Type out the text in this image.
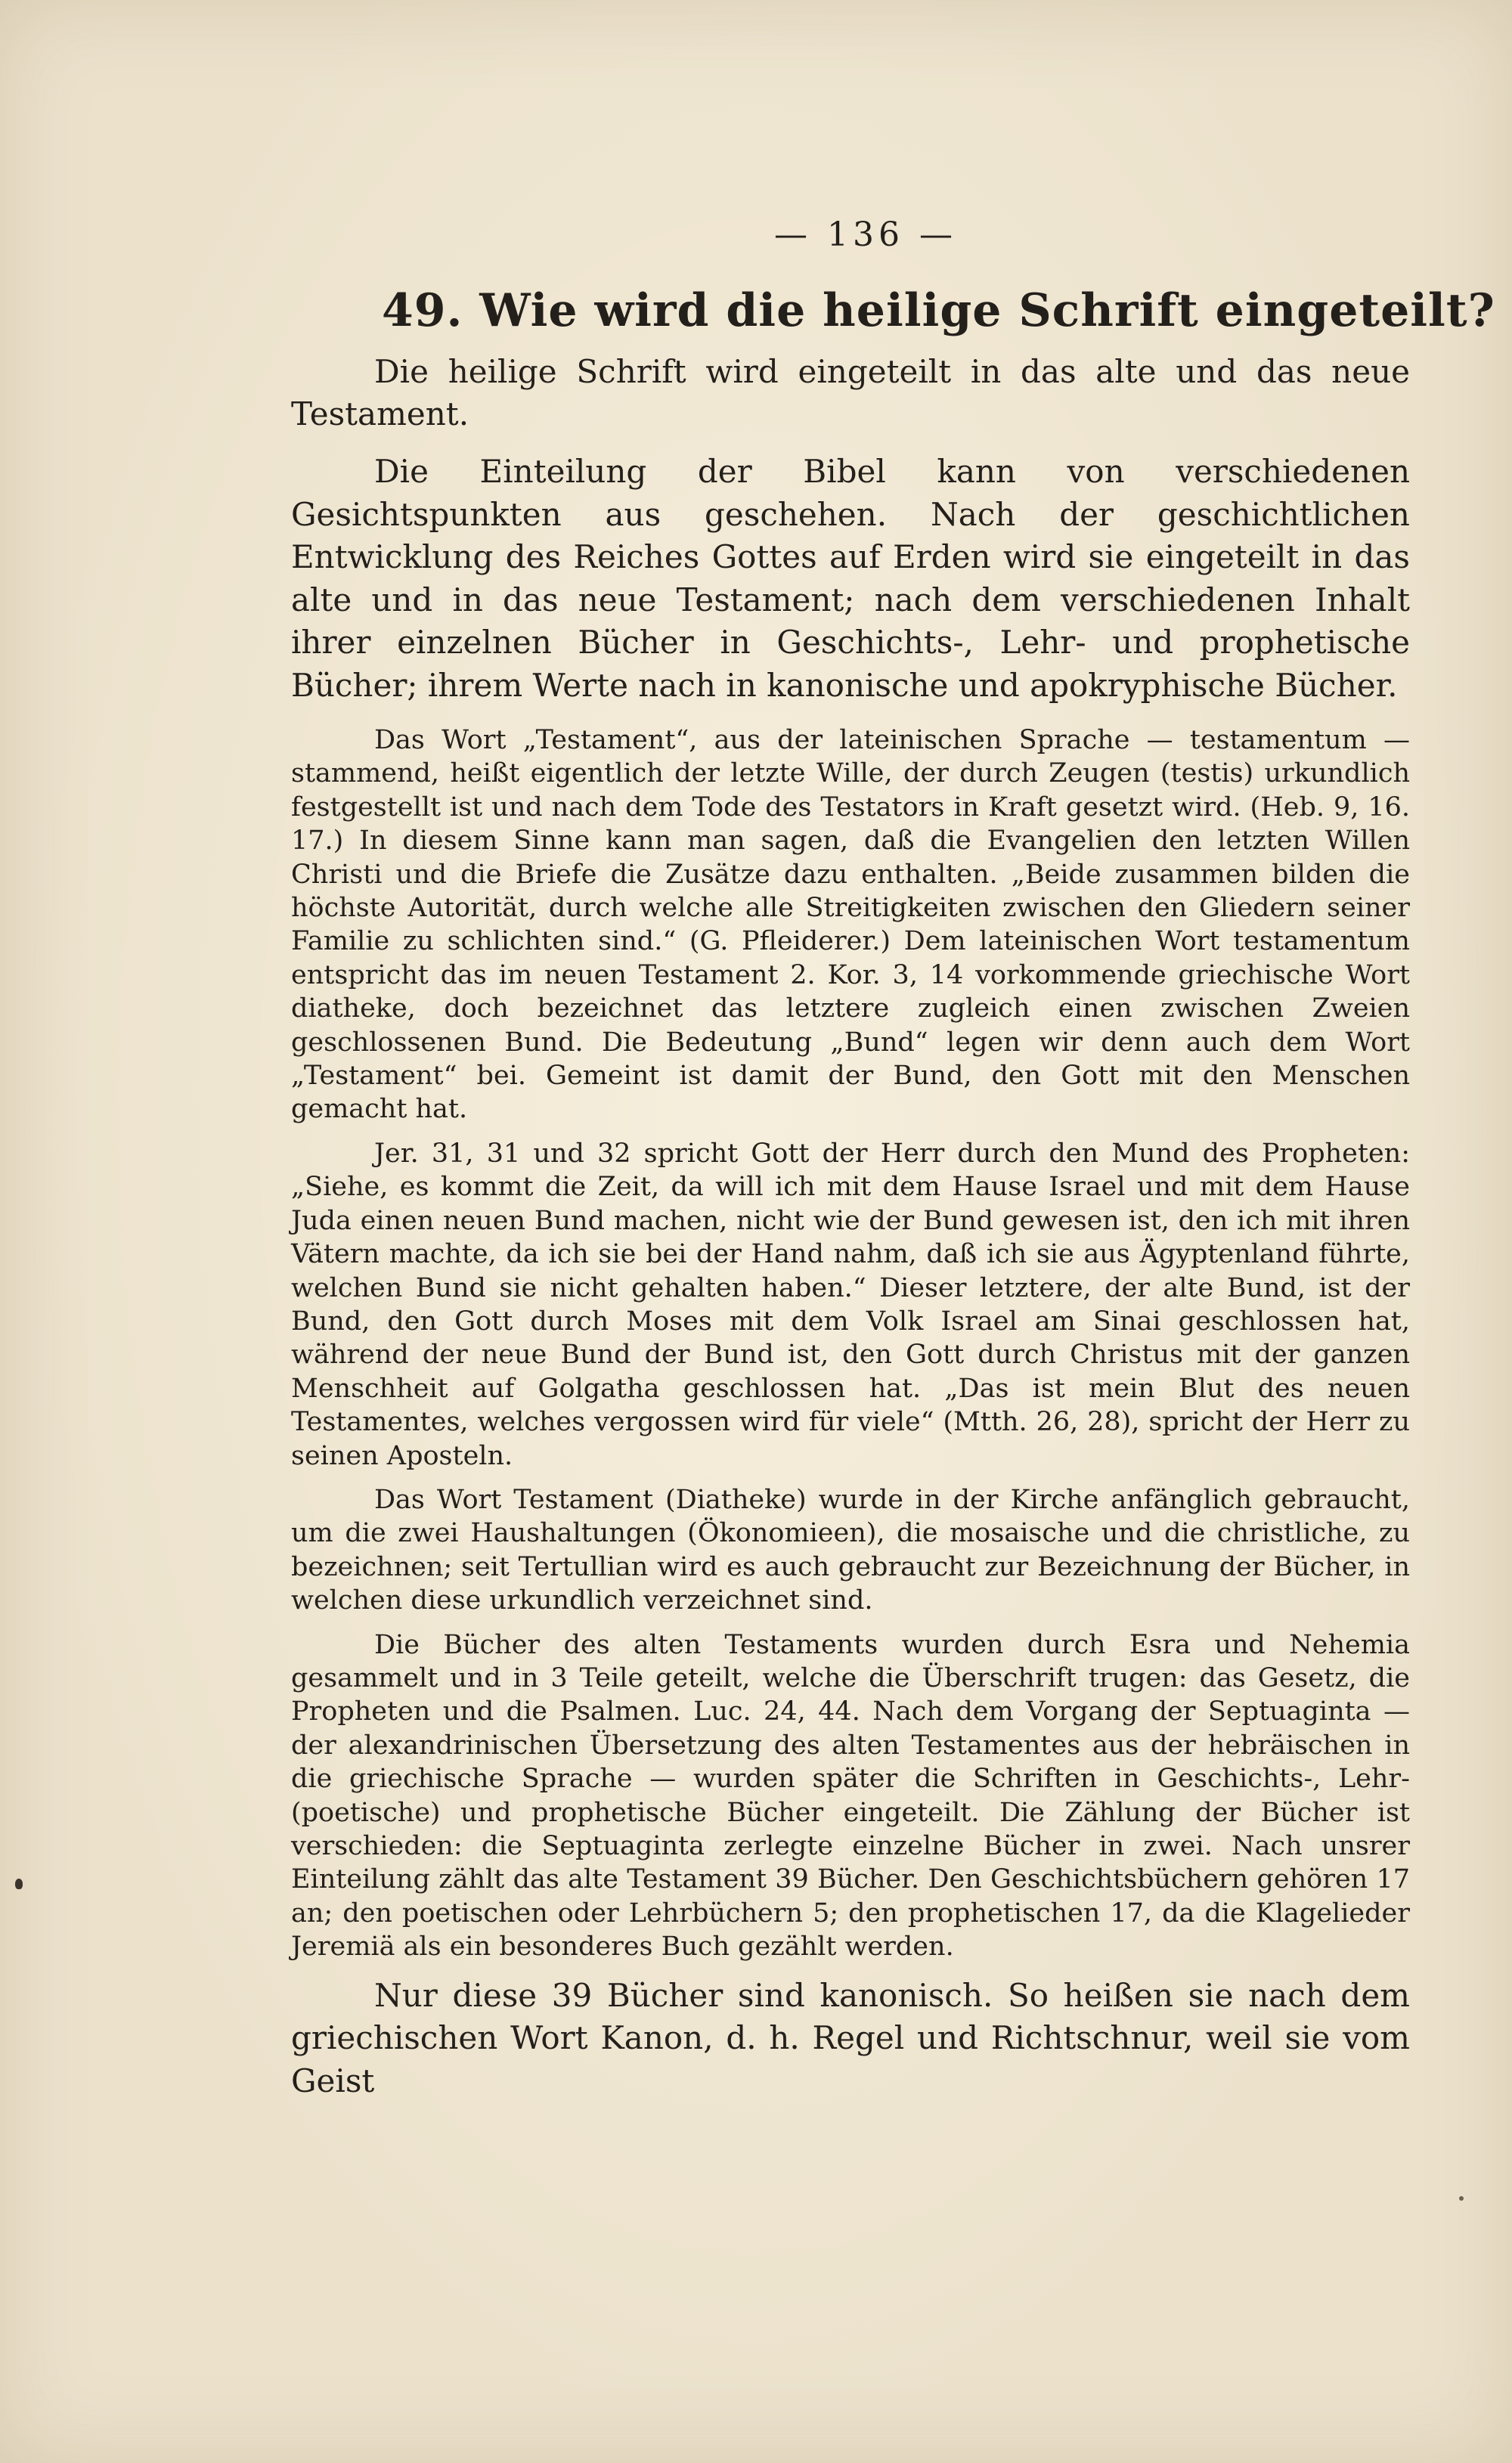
— 136 —
49. Wie wird die heilige Schrift eingeteilt?

Die heilige Schrift wird eingeteilt in das alte und das neue Testament.

Die Einteilung der Bibel kann von verschiedenen Gesichtspunkten aus geschehen. Nach der geschichtlichen Entwicklung des Reiches Gottes auf Erden wird sie eingeteilt in das alte und in das neue Testament; nach dem verschiedenen Inhalt ihrer einzelnen Bücher in Geschichts-, Lehr- und prophetische Bücher; ihrem Werte nach in kanonische und apokryphische Bücher.

Das Wort „Testament“, aus der lateinischen Sprache — testamentum — stammend, heißt eigentlich der letzte Wille, der durch Zeugen (testis) urkundlich festgestellt ist und nach dem Tode des Testators in Kraft gesetzt wird. (Heb. 9, 16. 17.) In diesem Sinne kann man sagen, daß die Evangelien den letzten Willen Christi und die Briefe die Zusätze dazu enthalten. „Beide zusammen bilden die höchste Autorität, durch welche alle Streitigkeiten zwischen den Gliedern seiner Familie zu schlichten sind.“ (G. Pfleiderer.) Dem lateinischen Wort testamentum entspricht das im neuen Testament 2. Kor. 3, 14 vorkommende griechische Wort diatheke, doch bezeichnet das letztere zugleich einen zwischen Zweien geschlossenen Bund. Die Bedeutung „Bund“ legen wir denn auch dem Wort „Testament“ bei. Gemeint ist damit der Bund, den Gott mit den Menschen gemacht hat.

Jer. 31, 31 und 32 spricht Gott der Herr durch den Mund des Propheten: „Siehe, es kommt die Zeit, da will ich mit dem Hause Israel und mit dem Hause Juda einen neuen Bund machen, nicht wie der Bund gewesen ist, den ich mit ihren Vätern machte, da ich sie bei der Hand nahm, daß ich sie aus Ägyptenland führte, welchen Bund sie nicht gehalten haben.“ Dieser letztere, der alte Bund, ist der Bund, den Gott durch Moses mit dem Volk Israel am Sinai geschlossen hat, während der neue Bund der Bund ist, den Gott durch Christus mit der ganzen Menschheit auf Golgatha geschlossen hat. „Das ist mein Blut des neuen Testamentes, welches vergossen wird für viele“ (Mtth. 26, 28), spricht der Herr zu seinen Aposteln.

Das Wort Testament (Diatheke) wurde in der Kirche anfänglich gebraucht, um die zwei Haushaltungen (Ökonomieen), die mosaische und die christliche, zu bezeichnen; seit Tertullian wird es auch gebraucht zur Bezeichnung der Bücher, in welchen diese urkundlich verzeichnet sind.

Die Bücher des alten Testaments wurden durch Esra und Nehemia gesammelt und in 3 Teile geteilt, welche die Überschrift trugen: das Gesetz, die Propheten und die Psalmen. Luc. 24, 44. Nach dem Vorgang der Septuaginta — der alexandrinischen Übersetzung des alten Testamentes aus der hebräischen in die griechische Sprache — wurden später die Schriften in Geschichts-, Lehr- (poetische) und prophetische Bücher eingeteilt. Die Zählung der Bücher ist verschieden: die Septuaginta zerlegte einzelne Bücher in zwei. Nach unsrer Einteilung zählt das alte Testament 39 Bücher. Den Geschichtsbüchern gehören 17 an; den poetischen oder Lehrbüchern 5; den prophetischen 17, da die Klagelieder Jeremiä als ein besonderes Buch gezählt werden.

Nur diese 39 Bücher sind kanonisch. So heißen sie nach dem griechischen Wort Kanon, d. h. Regel und Richtschnur, weil sie vom Geist
